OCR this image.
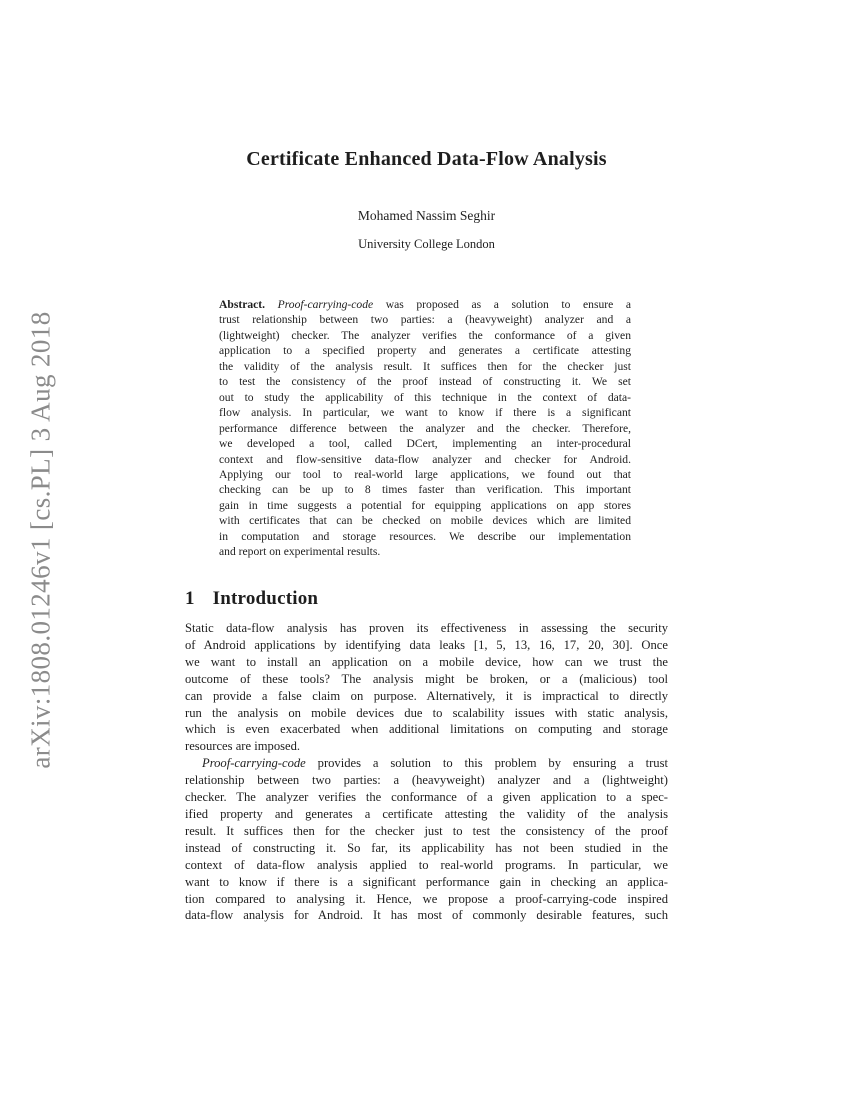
arXiv:1808.01246v1 [cs.PL] 3 Aug 2018
Certificate Enhanced Data-Flow Analysis
Mohamed Nassim Seghir
University College London
Abstract. Proof-carrying-code was proposed as a solution to ensure a
trust relationship between two parties: a (heavyweight) analyzer and a
(lightweight) checker. The analyzer verifies the conformance of a given
application to a specified property and generates a certificate attesting
the validity of the analysis result. It suffices then for the checker just
to test the consistency of the proof instead of constructing it. We set
out to study the applicability of this technique in the context of data-
flow analysis. In particular, we want to know if there is a significant
performance difference between the analyzer and the checker. Therefore,
we developed a tool, called DCert, implementing an inter-procedural
context and flow-sensitive data-flow analyzer and checker for Android.
Applying our tool to real-world large applications, we found out that
checking can be up to 8 times faster than verification. This important
gain in time suggests a potential for equipping applications on app stores
with certificates that can be checked on mobile devices which are limited
in computation and storage resources. We describe our implementation
and report on experimental results.
1 Introduction
Static data-flow analysis has proven its effectiveness in assessing the security
of Android applications by identifying data leaks [1, 5, 13, 16, 17, 20, 30]. Once
we want to install an application on a mobile device, how can we trust the
outcome of these tools? The analysis might be broken, or a (malicious) tool
can provide a false claim on purpose. Alternatively, it is impractical to directly
run the analysis on mobile devices due to scalability issues with static analysis,
which is even exacerbated when additional limitations on computing and storage
resources are imposed.
Proof-carrying-code provides a solution to this problem by ensuring a trust
relationship between two parties: a (heavyweight) analyzer and a (lightweight)
checker. The analyzer verifies the conformance of a given application to a spec-
ified property and generates a certificate attesting the validity of the analysis
result. It suffices then for the checker just to test the consistency of the proof
instead of constructing it. So far, its applicability has not been studied in the
context of data-flow analysis applied to real-world programs. In particular, we
want to know if there is a significant performance gain in checking an applica-
tion compared to analysing it. Hence, we propose a proof-carrying-code inspired
data-flow analysis for Android. It has most of commonly desirable features, such
